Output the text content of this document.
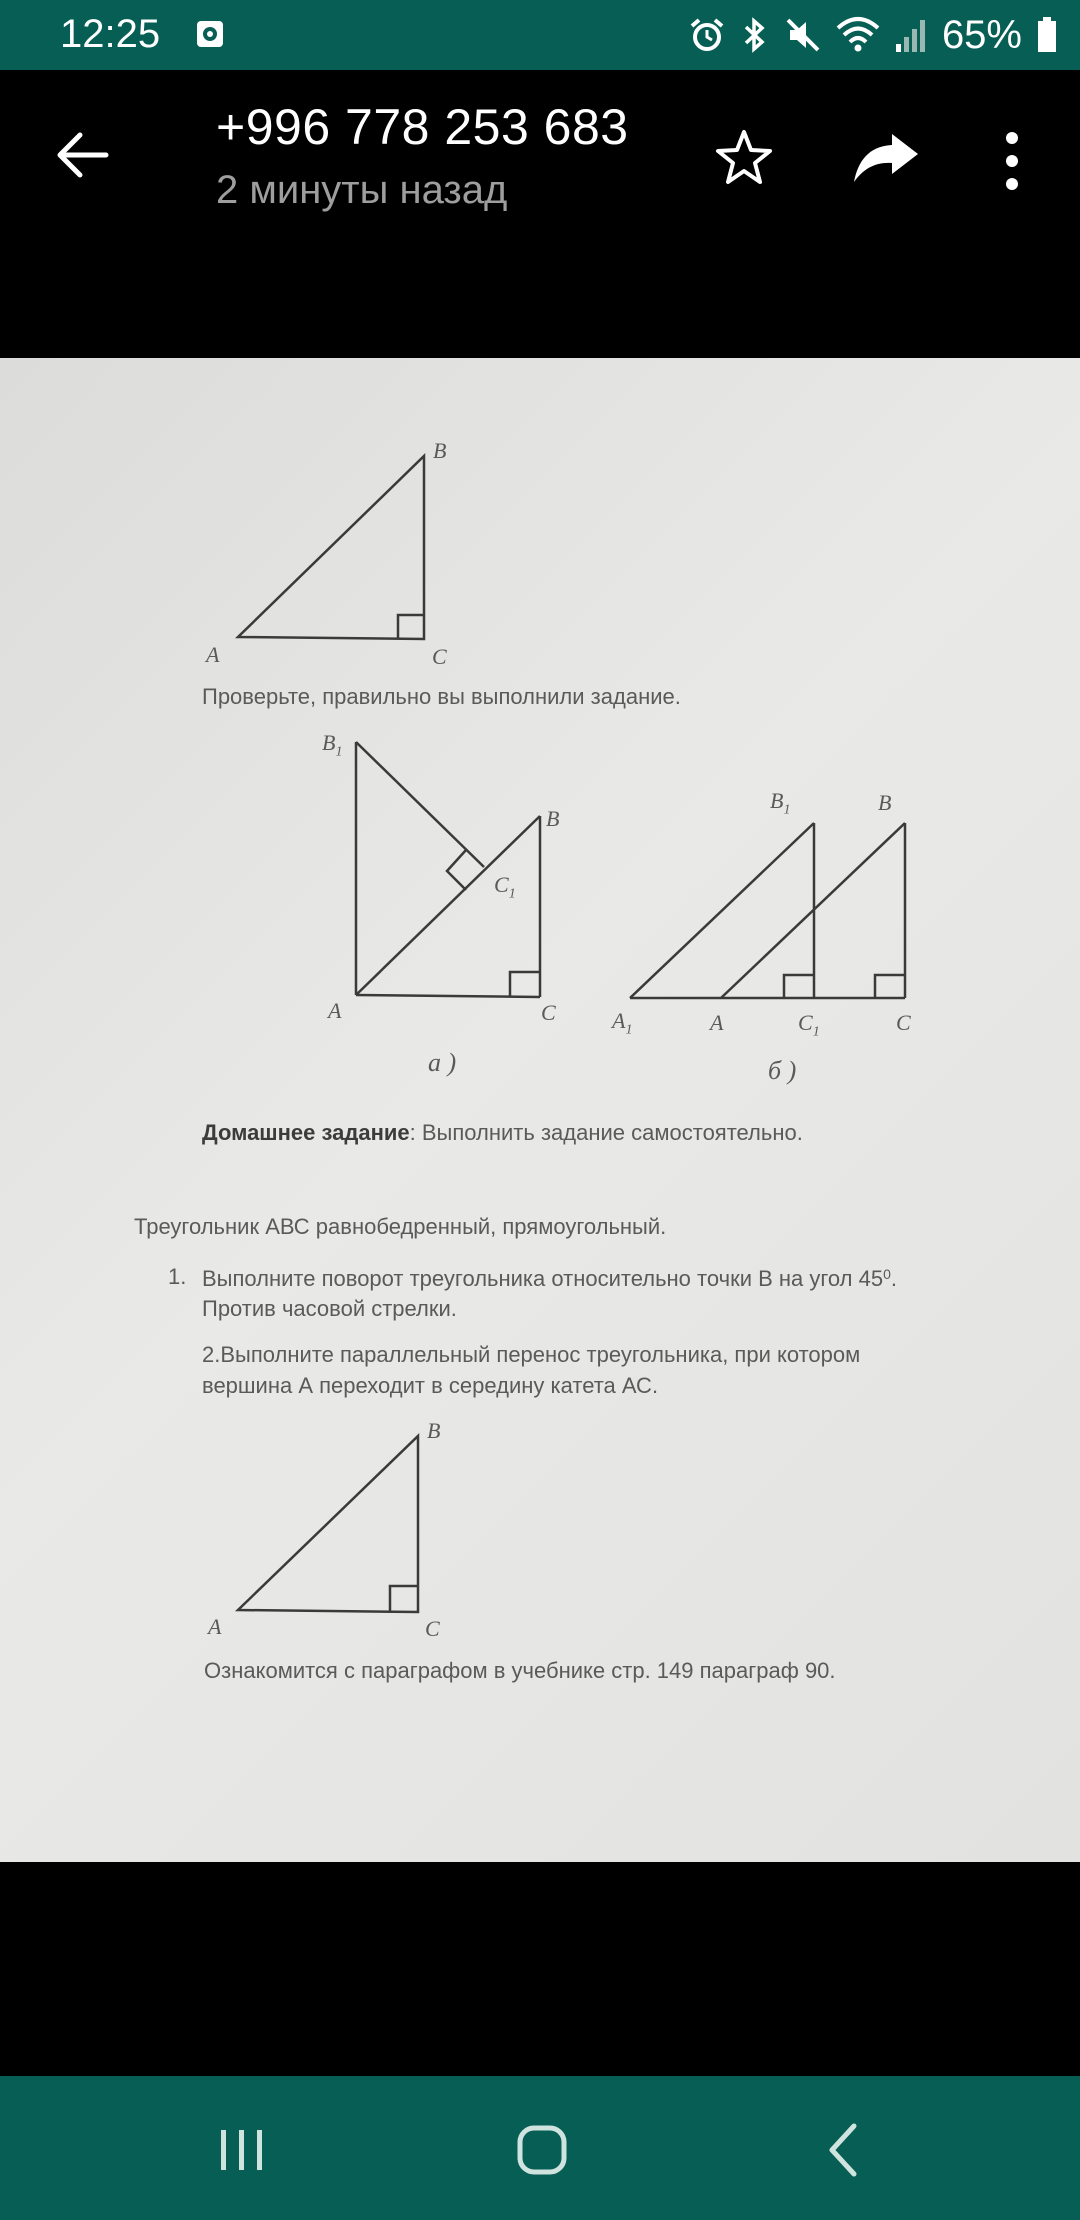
12:25	65%
+996 778 253 683
2 минуты назад
A
B
C
Проверьте, правильно вы выполнили задание.
$B_1$
B
$C_1$
A	C
а )
$B_1$	B
$A_1$	A	$C_1$	C
б )
Домашнее задание: Выполнить задание самостоятельно.
Треугольник АВС равнобедренный, прямоугольный.
1. Выполните поворот треугольника относительно точки В на угол $45^0$.
Против часовой стрелки.
2.Выполните параллельный перенос треугольника, при котором
вершина А переходит в середину катета АС.
A
B
C
Ознакомится с параграфом в учебнике стр. 149 параграф 90.
